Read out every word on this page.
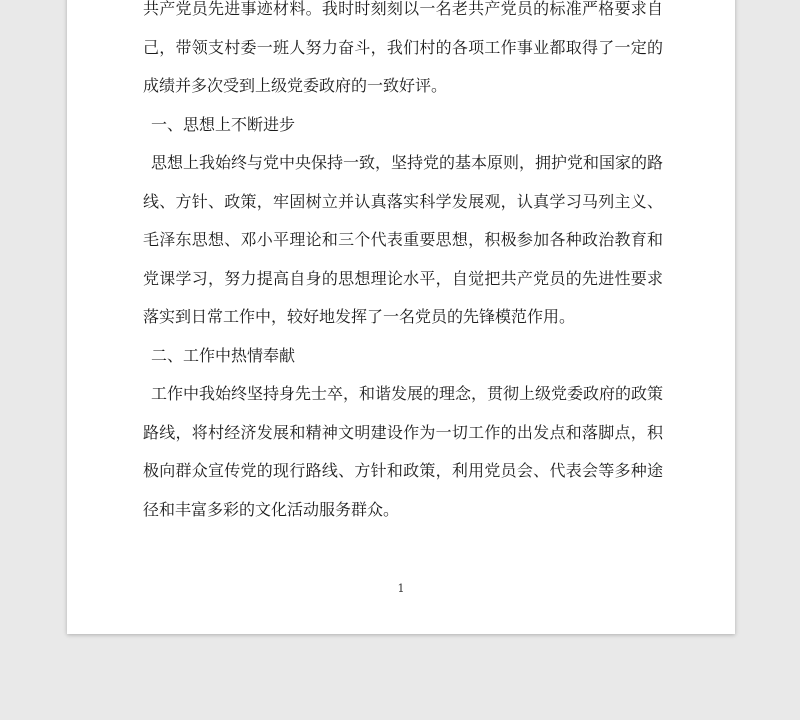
共产党员先进事迹材料。我时时刻刻以一名老共产党员的标准严格要求自己，带领支村委一班人努力奋斗，我们村的各项工作事业都取得了一定的成绩并多次受到上级党委政府的一致好评。

一、思想上不断进步

思想上我始终与党中央保持一致，坚持党的基本原则，拥护党和国家的路线、方针、政策，牢固树立并认真落实科学发展观，认真学习马列主义、毛泽东思想、邓小平理论和三个代表重要思想，积极参加各种政治教育和党课学习，努力提高自身的思想理论水平，自觉把共产党员的先进性要求落实到日常工作中，较好地发挥了一名党员的先锋模范作用。

二、工作中热情奉献

工作中我始终坚持身先士卒，和谐发展的理念，贯彻上级党委政府的政策路线，将村经济发展和精神文明建设作为一切工作的出发点和落脚点，积极向群众宣传党的现行路线、方针和政策，利用党员会、代表会等多种途径和丰富多彩的文化活动服务群众。

1
